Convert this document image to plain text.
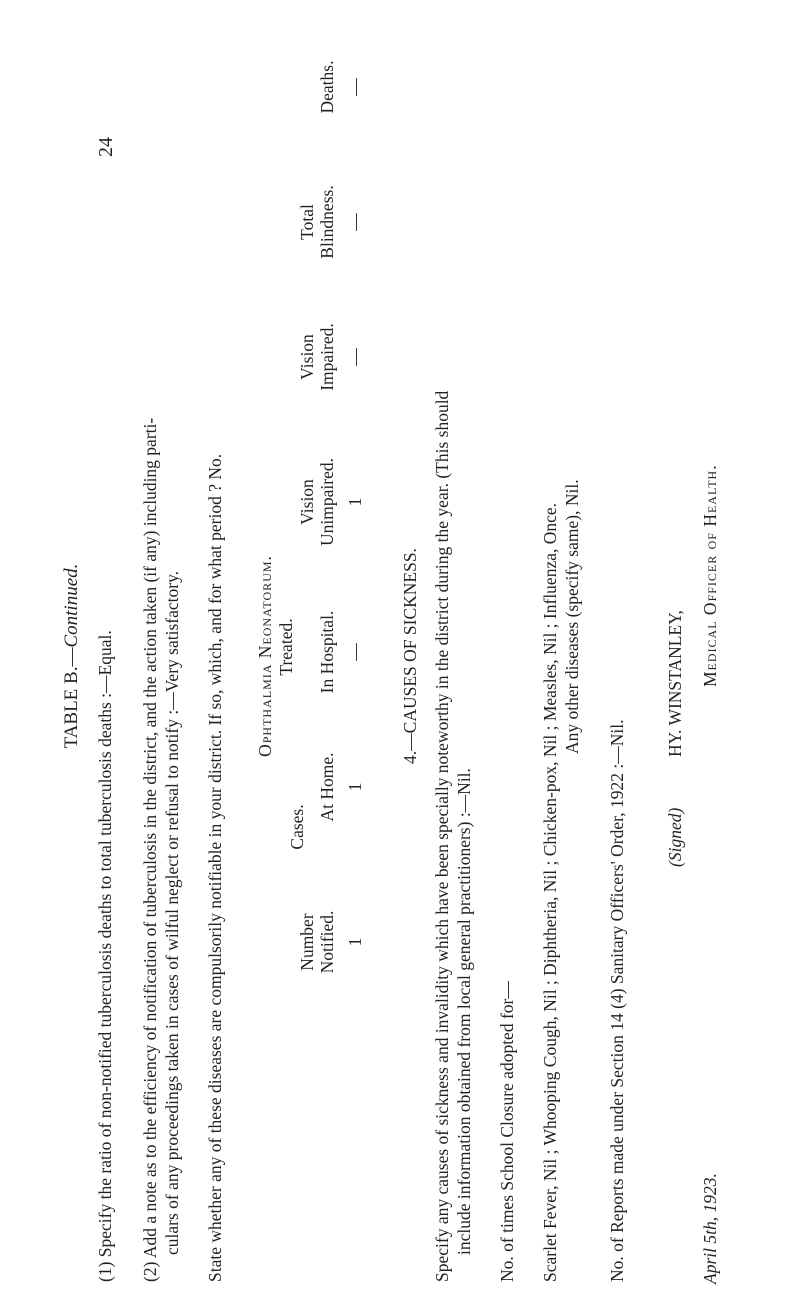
24
TABLE B.—Continued.
(1) Specify the ratio of non-notified tuberculosis deaths to total tuberculosis deaths :—Equal. (2) Add a note as to the efficiency of notification of tuberculosis in the district, and the action taken (if any) including parti- culars of any proceedings taken in cases of wilful neglect or refusal to notify :—Very satisfactory. State whether any of these diseases are compulsorily notifiable in your district. If so, which, and for what period ? No. Ophthalmia Neonatorum. Treated.
Cases.
Number Notified.
At Home.
In Hospital.
Vision Unimpaired.
Vision Impaired.
Total Blindness.
Deaths.
1
1
—
1
—
—
—
4.—CAUSES OF SICKNESS. Specify any causes of sickness and invalidity which have been specially noteworthy in the district during the year. (This should include information obtained from local general practitioners) :—Nil. No. of times School Closure adopted for— Scarlet Fever, Nil ; Whooping Cough, Nil ; Diphtheria, Nil ; Chicken-pox, Nil ; Measles, Nil ; Influenza, Once. Any other diseases (specify same), Nil.
No. of Reports made under Section 14 (4) Sanitary Officers' Order, 1922 :—Nil. (Signed)
HY. WINSTANLEY,
April 5th, 1923.
Medical Officer of Health.
